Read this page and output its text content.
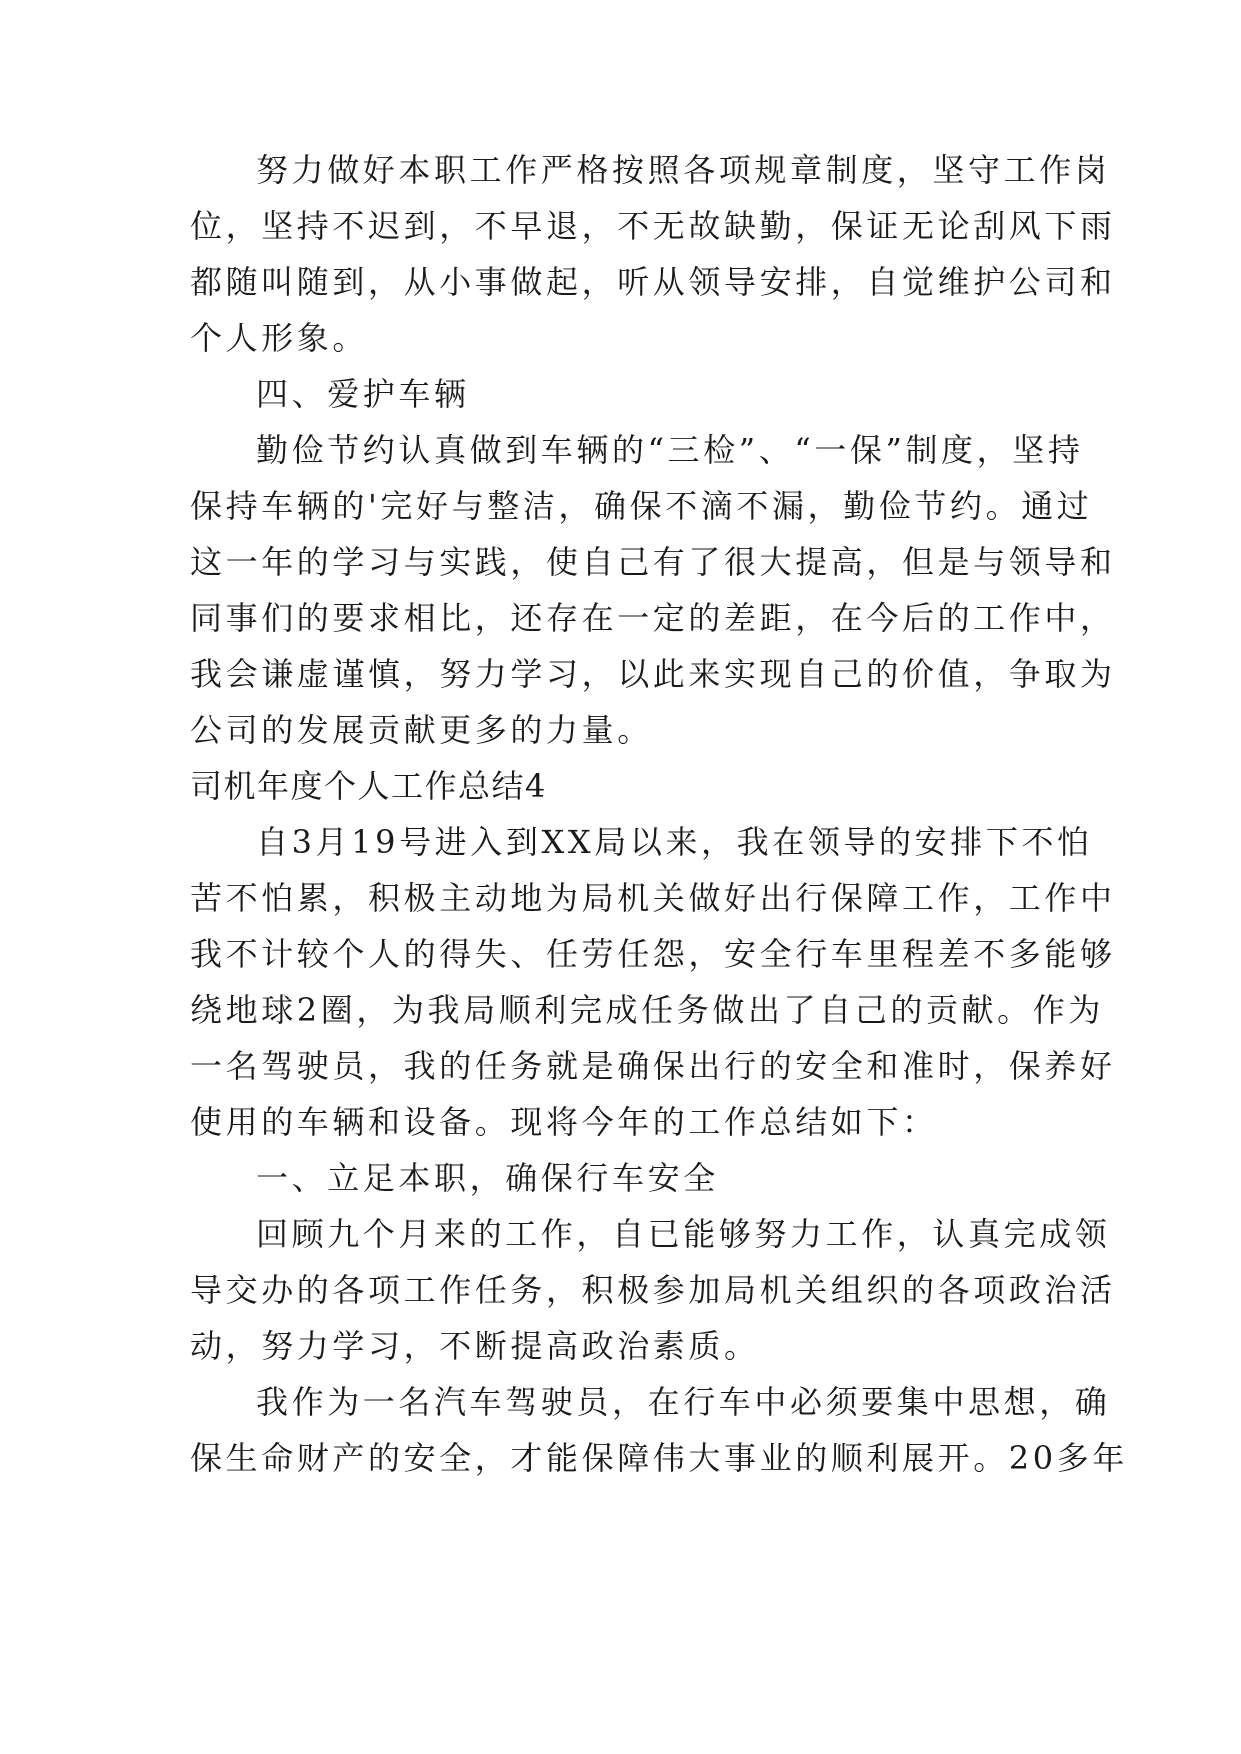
努力做好本职工作严格按照各项规章制度，坚守工作岗

位，坚持不迟到，不早退，不无故缺勤，保证无论刮风下雨

都随叫随到，从小事做起，听从领导安排，自觉维护公司和

个人形象。

四、爱护车辆

勤俭节约认真做到车辆的“三检”、“一保”制度，坚持

保持车辆的'完好与整洁，确保不滴不漏，勤俭节约。通过

这一年的学习与实践，使自己有了很大提高，但是与领导和

同事们的要求相比，还存在一定的差距，在今后的工作中，

我会谦虚谨慎，努力学习，以此来实现自己的价值，争取为

公司的发展贡献更多的力量。

司机年度个人工作总结4

自3月19号进入到XX局以来，我在领导的安排下不怕

苦不怕累，积极主动地为局机关做好出行保障工作，工作中

我不计较个人的得失、任劳任怨，安全行车里程差不多能够

绕地球2圈，为我局顺利完成任务做出了自己的贡献。作为

一名驾驶员，我的任务就是确保出行的安全和准时，保养好

使用的车辆和设备。现将今年的工作总结如下：

一、立足本职，确保行车安全

回顾九个月来的工作，自已能够努力工作，认真完成领

导交办的各项工作任务，积极参加局机关组织的各项政治活

动，努力学习，不断提高政治素质。

我作为一名汽车驾驶员，在行车中必须要集中思想，确

保生命财产的安全，才能保障伟大事业的顺利展开。20多年
